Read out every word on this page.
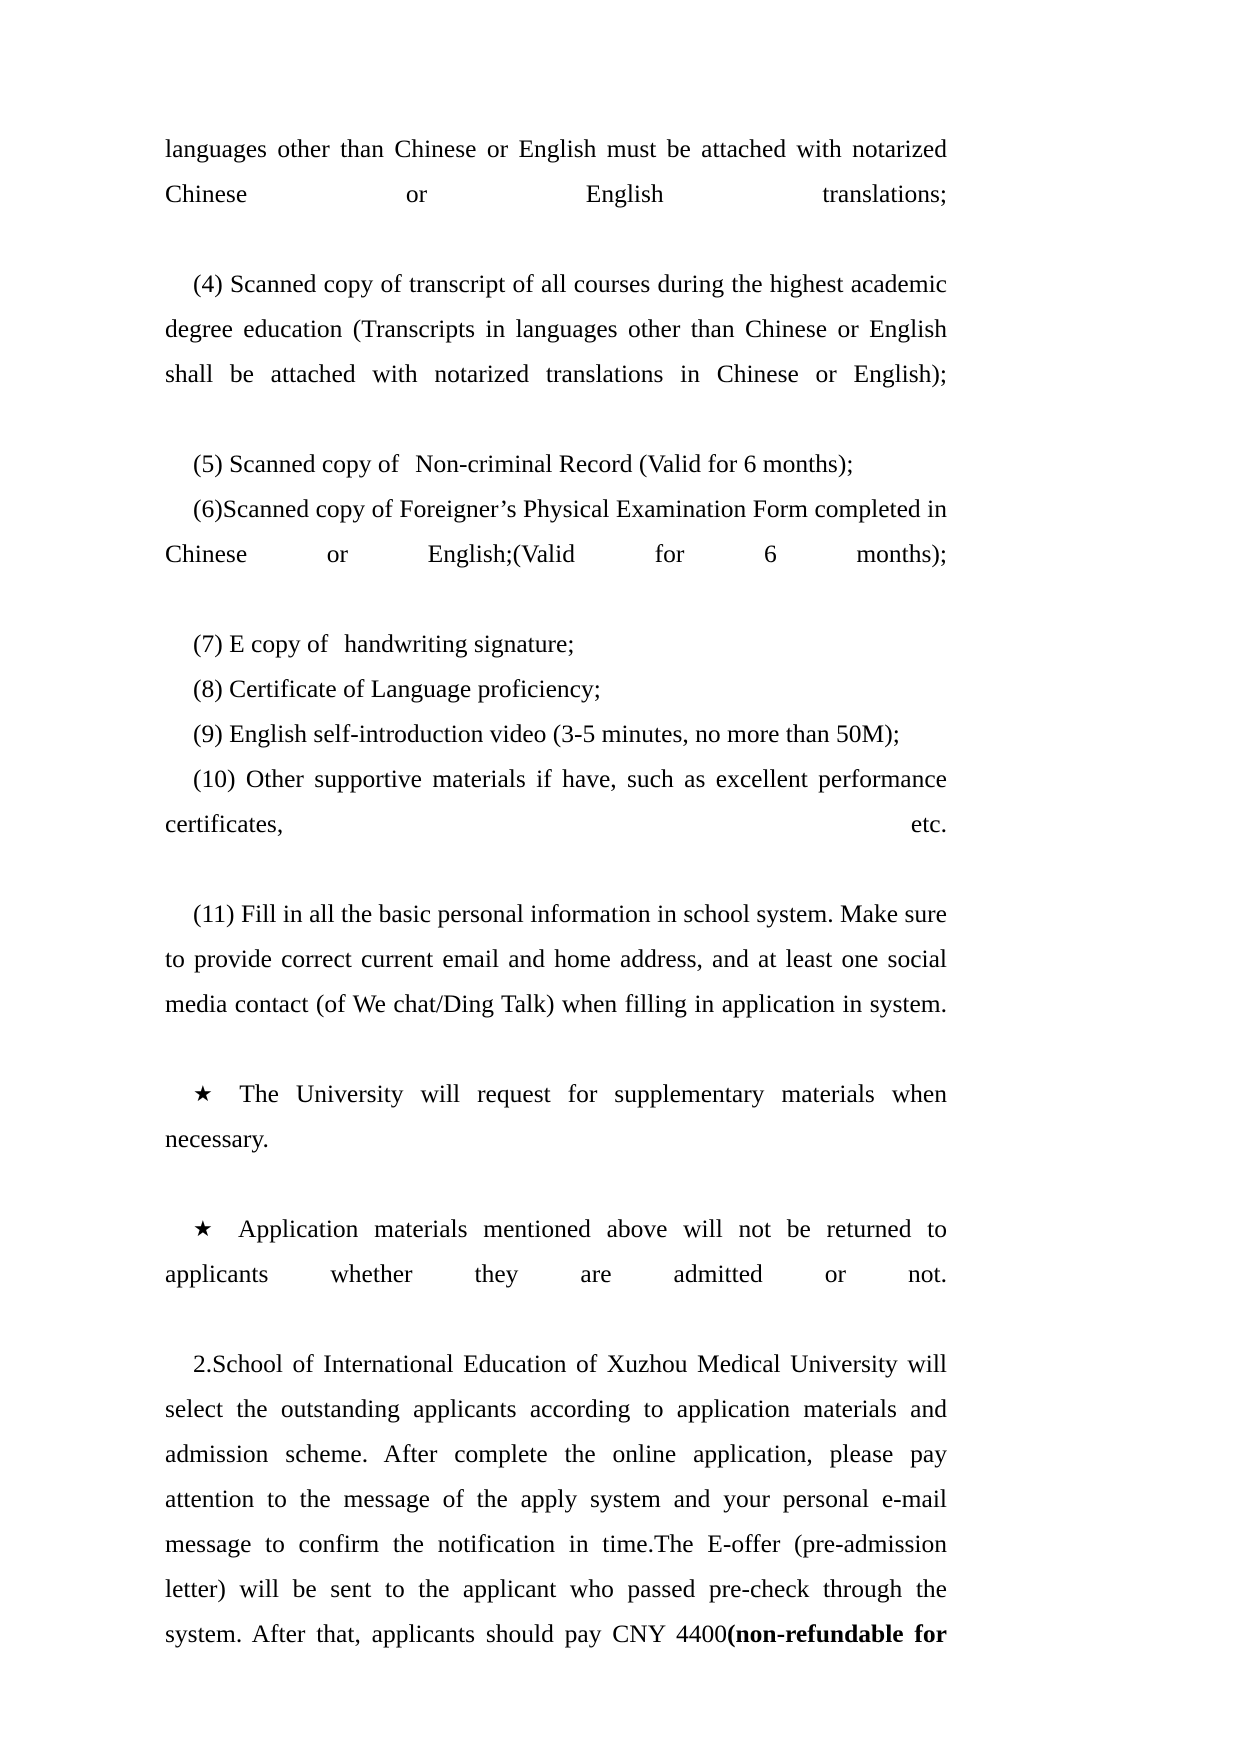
languages other than Chinese or English must be attached with notarized Chinese or English translations;

(4) Scanned copy of transcript of all courses during the highest academic degree education (Transcripts in languages other than Chinese or English shall be attached with notarized translations in Chinese or English);

(5) Scanned copy of Non-criminal Record (Valid for 6 months);

(6)Scanned copy of Foreigner’s Physical Examination Form completed in Chinese or English;(Valid for 6 months);

(7) E copy of handwriting signature;

(8) Certificate of Language proficiency;

(9) English self-introduction video (3-5 minutes, no more than 50M);

(10) Other supportive materials if have, such as excellent performance certificates, etc.

(11) Fill in all the basic personal information in school system. Make sure to provide correct current email and home address, and at least one social media contact (of We chat/Ding Talk) when filling in application in system.

★ The University will request for supplementary materials when necessary.

★ Application materials mentioned above will not be returned to applicants whether they are admitted or not.

2.School of International Education of Xuzhou Medical University will select the outstanding applicants according to application materials and admission scheme. After complete the online application, please pay attention to the message of the apply system and your personal e-mail message to confirm the notification in time.The E-offer (pre-admission letter) will be sent to the applicant who passed pre-check through the system. After that, applicants should pay CNY 4400(non-refundable for
